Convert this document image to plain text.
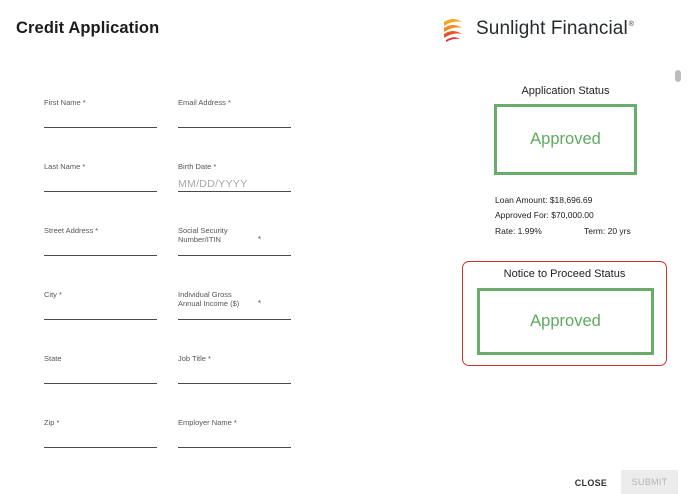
Credit Application	Sunlight Financial®
First Name *	Email Address *
Last Name *	Birth Date *
MM/DD/YYYY
Street Address *	Social Security Number/ITIN	*
City *	Individual Gross Annual Income ($)	*
State	Job Title *
Zip *	Employer Name *
Application Status
Approved
Loan Amount: $18,696.69
Approved For: $70,000.00
Rate: 1.99%	Term: 20 yrs
Notice to Proceed Status
Approved
CLOSE	SUBMIT
